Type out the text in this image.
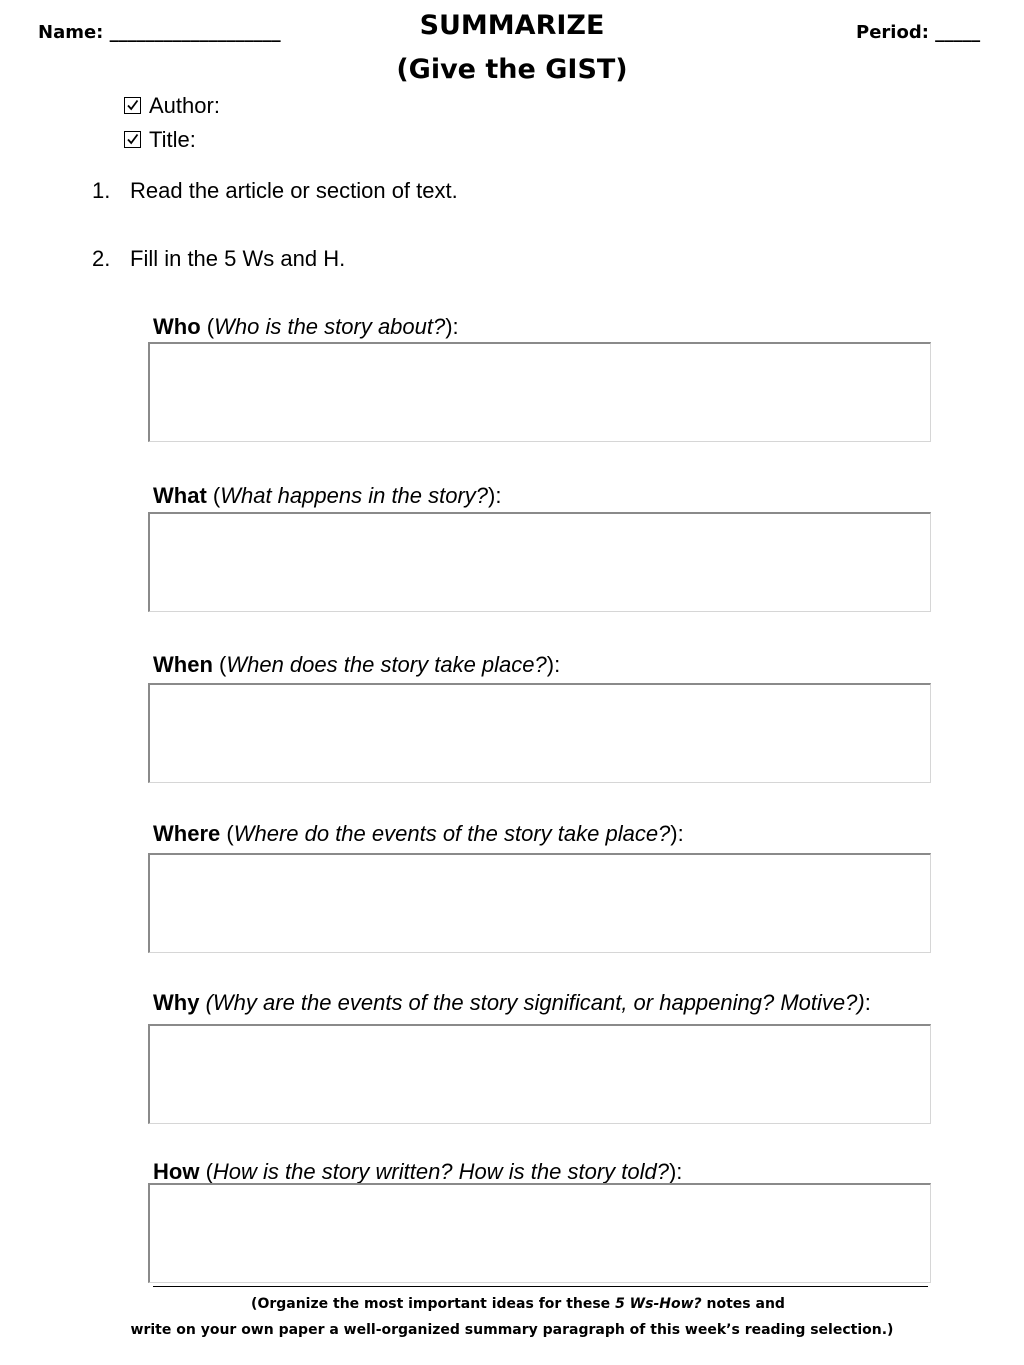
Name: ___________________	SUMMARIZE
(Give the GIST)
Period: _____
Author:
Title:
1. Read the article or section of text.
2. Fill in the 5 Ws and H.
Who (Who is the story about?):
What (What happens in the story?):
When (When does the story take place?):
Where (Where do the events of the story take place?):
Why (Why are the events of the story significant, or happening? Motive?):
How (How is the story written? How is the story told?):
(Organize the most important ideas for these 5 Ws-How? notes and
write on your own paper a well-organized summary paragraph of this week’s reading selection.)
